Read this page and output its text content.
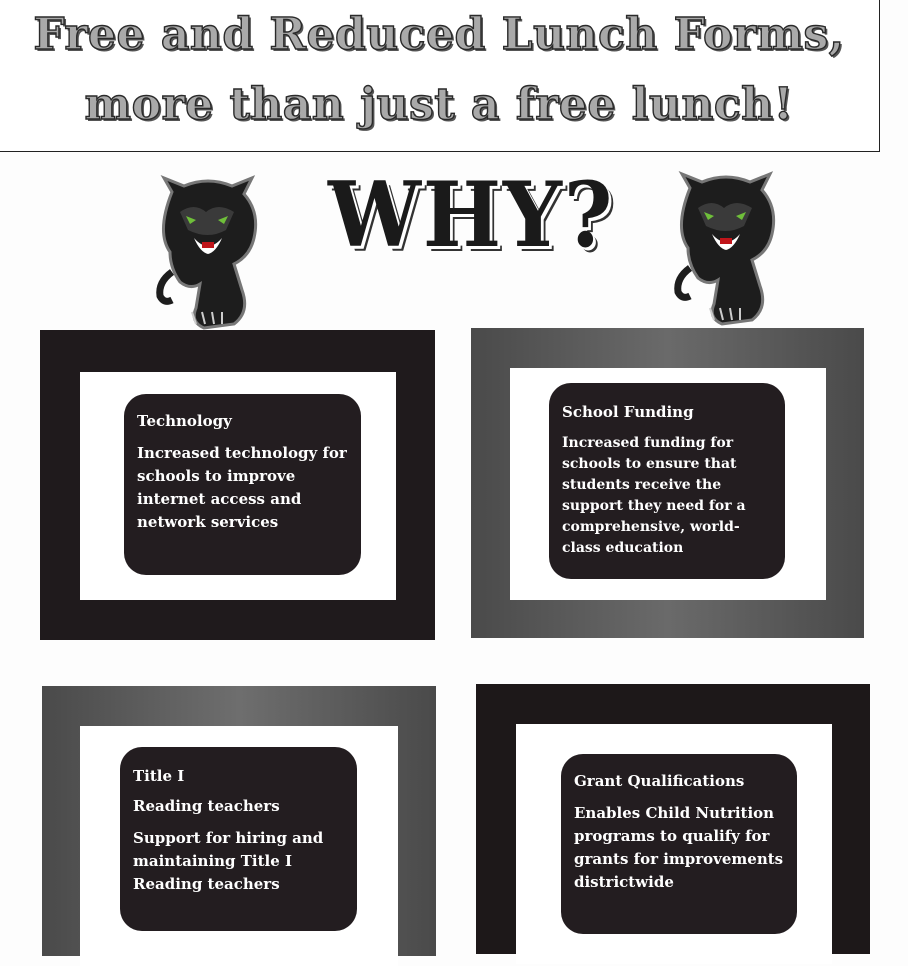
Free and Reduced Lunch Forms,
more than just a free lunch!
WHY?
Technology
Increased technology for schools to improve internet access and network services
School Funding
Increased funding for schools to ensure that students receive the support they need for a comprehensive, world-class education
Title I
Reading teachers
Support for hiring and maintaining Title I Reading teachers
Grant Qualifications
Enables Child Nutrition programs to qualify for grants for improvements districtwide
